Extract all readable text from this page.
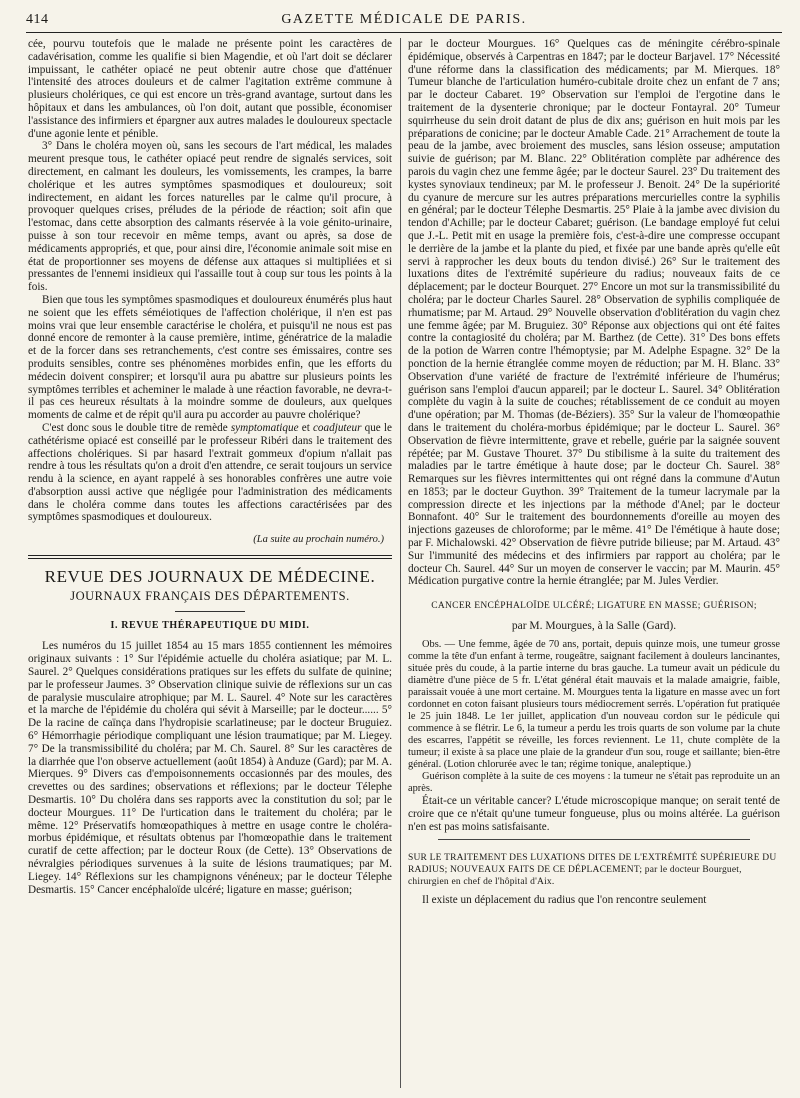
414	GAZETTE MÉDICALE DE PARIS.

cée, pourvu toutefois que le malade ne présente point les caractères de cadavérisation, comme les qualifie si bien Magendie, et où l'art doit se déclarer impuissant, le cathéter opiacé ne peut obtenir autre chose que d'atténuer l'intensité des atroces douleurs et de calmer l'agitation extrême commune à plusieurs cholériques, ce qui est encore un très-grand avantage, surtout dans les hôpitaux et dans les ambulances, où l'on doit, autant que possible, économiser l'assistance des infirmiers et épargner aux autres malades le douloureux spectacle d'une agonie lente et pénible.

3° Dans le choléra moyen où, sans les secours de l'art médical, les malades meurent presque tous, le cathéter opiacé peut rendre de signalés services, soit directement, en calmant les douleurs, les vomissements, les crampes, la barre cholérique et les autres symptômes spasmodiques et douloureux; soit indirectement, en aidant les forces naturelles par le calme qu'il procure, à provoquer quelques crises, préludes de la période de réaction; soit afin que l'estomac, dans cette absorption des calmants réservée à la voie génito-urinaire, puisse à son tour recevoir en même temps, avant ou après, sa dose de médicaments appropriés, et que, pour ainsi dire, l'économie animale soit mise en état de proportionner ses moyens de défense aux attaques si multipliées et si pressantes de l'ennemi insidieux qui l'assaille tout à coup sur tous les points à la fois.

Bien que tous les symptômes spasmodiques et douloureux énumérés plus haut ne soient que les effets séméiotiques de l'affection cholérique, il n'en est pas moins vrai que leur ensemble caractérise le choléra, et puisqu'il ne nous est pas donné encore de remonter à la cause première, intime, génératrice de la maladie et de la forcer dans ses retranchements, c'est contre ses émissaires, contre ses produits sensibles, contre ses phénomènes morbides enfin, que les efforts du médecin doivent conspirer; et lorsqu'il aura pu abattre sur plusieurs points les symptômes terribles et acheminer le malade à une réaction favorable, ne devra-t-il pas ces heureux résultats à la moindre somme de douleurs, aux quelques moments de calme et de répit qu'il aura pu accorder au pauvre cholérique?

C'est donc sous le double titre de remède symptomatique et coadjuteur que le cathétérisme opiacé est conseillé par le professeur Ribéri dans le traitement des affections cholériques. Si par hasard l'extrait gommeux d'opium n'allait pas rendre à tous les résultats qu'on a droit d'en attendre, ce serait toujours un service rendu à la science, en ayant rappelé à ses honorables confrères une autre voie d'absorption aussi active que négligée pour l'administration des médicaments dans le choléra comme dans toutes les affections caractérisées par des symptômes spasmodiques et douloureux.

(La suite au prochain numéro.)
REVUE DES JOURNAUX DE MÉDECINE.
JOURNAUX FRANÇAIS DES DÉPARTEMENTS.
I. REVUE THÉRAPEUTIQUE DU MIDI.

Les numéros du 15 juillet 1854 au 15 mars 1855 contiennent les mémoires originaux suivants : 1° Sur l'épidémie actuelle du choléra asiatique; par M. L. Saurel. 2° Quelques considérations pratiques sur les effets du sulfate de quinine; par le professeur Jaumes. 3° Observation clinique suivie de réflexions sur un cas de paralysie musculaire atrophique; par M. L. Saurel. 4° Note sur les caractères et la marche de l'épidémie du choléra qui sévit à Marseille; par le docteur...... 5° De la racine de caïnça dans l'hydropisie scarlatineuse; par le docteur Bruguiez. 6° Hémorrhagie périodique compliquant une lésion traumatique; par M. Liegey. 7° De la transmissibilité du choléra; par M. Ch. Saurel. 8° Sur les caractères de la diarrhée que l'on observe actuellement (août 1854) à Anduze (Gard); par M. A. Mierques. 9° Divers cas d'empoisonnements occasionnés par des moules, des crevettes ou des sardines; observations et réflexions; par le docteur Télephe Desmartis. 10° Du choléra dans ses rapports avec la constitution du sol; par le docteur Mourgues. 11° De l'urtication dans le traitement du choléra; par le même. 12° Préservatifs homœopathiques à mettre en usage contre le choléra-morbus épidémique, et résultats obtenus par l'homœopathie dans le traitement curatif de cette affection; par le docteur Roux (de Cette). 13° Observations de névralgies périodiques survenues à la suite de lésions traumatiques; par M. Liegey. 14° Réflexions sur les champignons vénéneux; par le docteur Télephe Desmartis. 15° Cancer encéphaloïde ulcéré; ligature en masse; guérison;

par le docteur Mourgues. 16° Quelques cas de méningite cérébro-spinale épidémique, observés à Carpentras en 1847; par le docteur Barjavel. 17° Nécessité d'une réforme dans la classification des médicaments; par M. Mierques. 18° Tumeur blanche de l'articulation huméro-cubitale droite chez un enfant de 7 ans; par le docteur Cabaret. 19° Observation sur l'emploi de l'ergotine dans le traitement de la dysenterie chronique; par le docteur Fontayral. 20° Tumeur squirrheuse du sein droit datant de plus de dix ans; guérison en huit mois par les préparations de conicine; par le docteur Amable Cade. 21° Arrachement de toute la peau de la jambe, avec broiement des muscles, sans lésion osseuse; amputation suivie de guérison; par M. Blanc. 22° Oblitération complète par adhérence des parois du vagin chez une femme âgée; par le docteur Saurel. 23° Du traitement des kystes synoviaux tendineux; par M. le professeur J. Benoit. 24° De la supériorité du cyanure de mercure sur les autres préparations mercurielles contre la syphilis en général; par le docteur Télephe Desmartis. 25° Plaie à la jambe avec division du tendon d'Achille; par le docteur Cabaret; guérison. (Le bandage employé fut celui que J.-L. Petit mit en usage la première fois, c'est-à-dire une compresse occupant le derrière de la jambe et la plante du pied, et fixée par une bande après qu'elle eût servi à rapprocher les deux bouts du tendon divisé.) 26° Sur le traitement des luxations dites de l'extrémité supérieure du radius; nouveaux faits de ce déplacement; par le docteur Bourquet. 27° Encore un mot sur la transmissibilité du choléra; par le docteur Charles Saurel. 28° Observation de syphilis compliquée de rhumatisme; par M. Artaud. 29° Nouvelle observation d'oblitération du vagin chez une femme âgée; par M. Bruguiez. 30° Réponse aux objections qui ont été faites contre la contagiosité du choléra; par M. Barthez (de Cette). 31° Des bons effets de la potion de Warren contre l'hémoptysie; par M. Adelphe Espagne. 32° De la ponction de la hernie étranglée comme moyen de réduction; par M. H. Blanc. 33° Observation d'une variété de fracture de l'extrémité inférieure de l'humérus; guérison sans l'emploi d'aucun appareil; par le docteur L. Saurel. 34° Oblitération complète du vagin à la suite de couches; rétablissement de ce conduit au moyen d'une opération; par M. Thomas (de-Béziers). 35° Sur la valeur de l'homœopathie dans le traitement du choléra-morbus épidémique; par le docteur L. Saurel. 36° Observation de fièvre intermittente, grave et rebelle, guérie par la saignée souvent répétée; par M. Gustave Thouret. 37° Du stibilisme à la suite du traitement des maladies par le tartre émétique à haute dose; par le docteur Ch. Saurel. 38° Remarques sur les fièvres intermittentes qui ont régné dans la commune d'Autun en 1853; par le docteur Guython. 39° Traitement de la tumeur lacrymale par la compression directe et les injections par la méthode d'Anel; par le docteur Bonnafont. 40° Sur le traitement des bourdonnements d'oreille au moyen des injections gazeuses de chloroforme; par le même. 41° De l'émétique à haute dose; par F. Michalowski. 42° Observation de fièvre putride bilieuse; par M. Artaud. 43° Sur l'immunité des médecins et des infirmiers par rapport au choléra; par le docteur Ch. Saurel. 44° Sur un moyen de conserver le vaccin; par M. Maurin. 45° Médication purgative contre la hernie étranglée; par M. Jules Verdier.

CANCER ENCÉPHALOÏDE ULCÉRÉ; LIGATURE EN MASSE; GUÉRISON;
par M. Mourgues, à la Salle (Gard).

Obs. — Une femme, âgée de 70 ans, portait, depuis quinze mois, une tumeur grosse comme la tête d'un enfant à terme, rougeâtre, saignant facilement à douleurs lancinantes, située près du coude, à la partie interne du bras gauche. La tumeur avait un pédicule du diamètre d'une pièce de 5 fr. L'état général était mauvais et la malade amaigrie, faible, paraissait vouée à une mort certaine. M. Mourgues tenta la ligature en masse avec un fort cordonnet en coton faisant plusieurs tours médiocrement serrés. L'opération fut pratiquée le 25 juin 1848. Le 1er juillet, application d'un nouveau cordon sur le pédicule qui commence à se flétrir. Le 6, la tumeur a perdu les trois quarts de son volume par la chute des escarres, l'appétit se réveille, les forces reviennent. Le 11, chute complète de la tumeur; il existe à sa place une plaie de la grandeur d'un sou, rouge et saillante; bien-être général. (Lotion chlorurée avec le tan; régime tonique, analeptique.)

Guérison complète à la suite de ces moyens : la tumeur ne s'était pas reproduite un an après.

Était-ce un véritable cancer? L'étude microscopique manque; on serait tenté de croire que ce n'était qu'une tumeur fongueuse, plus ou moins altérée. La guérison n'en est pas moins satisfaisante.

SUR LE TRAITEMENT DES LUXATIONS DITES DE L'EXTRÉMITÉ SUPÉRIEURE DU RADIUS; NOUVEAUX FAITS DE CE DÉPLACEMENT; par le docteur Bourguet, chirurgien en chef de l'hôpital d'Aix.

Il existe un déplacement du radius que l'on rencontre seulement
